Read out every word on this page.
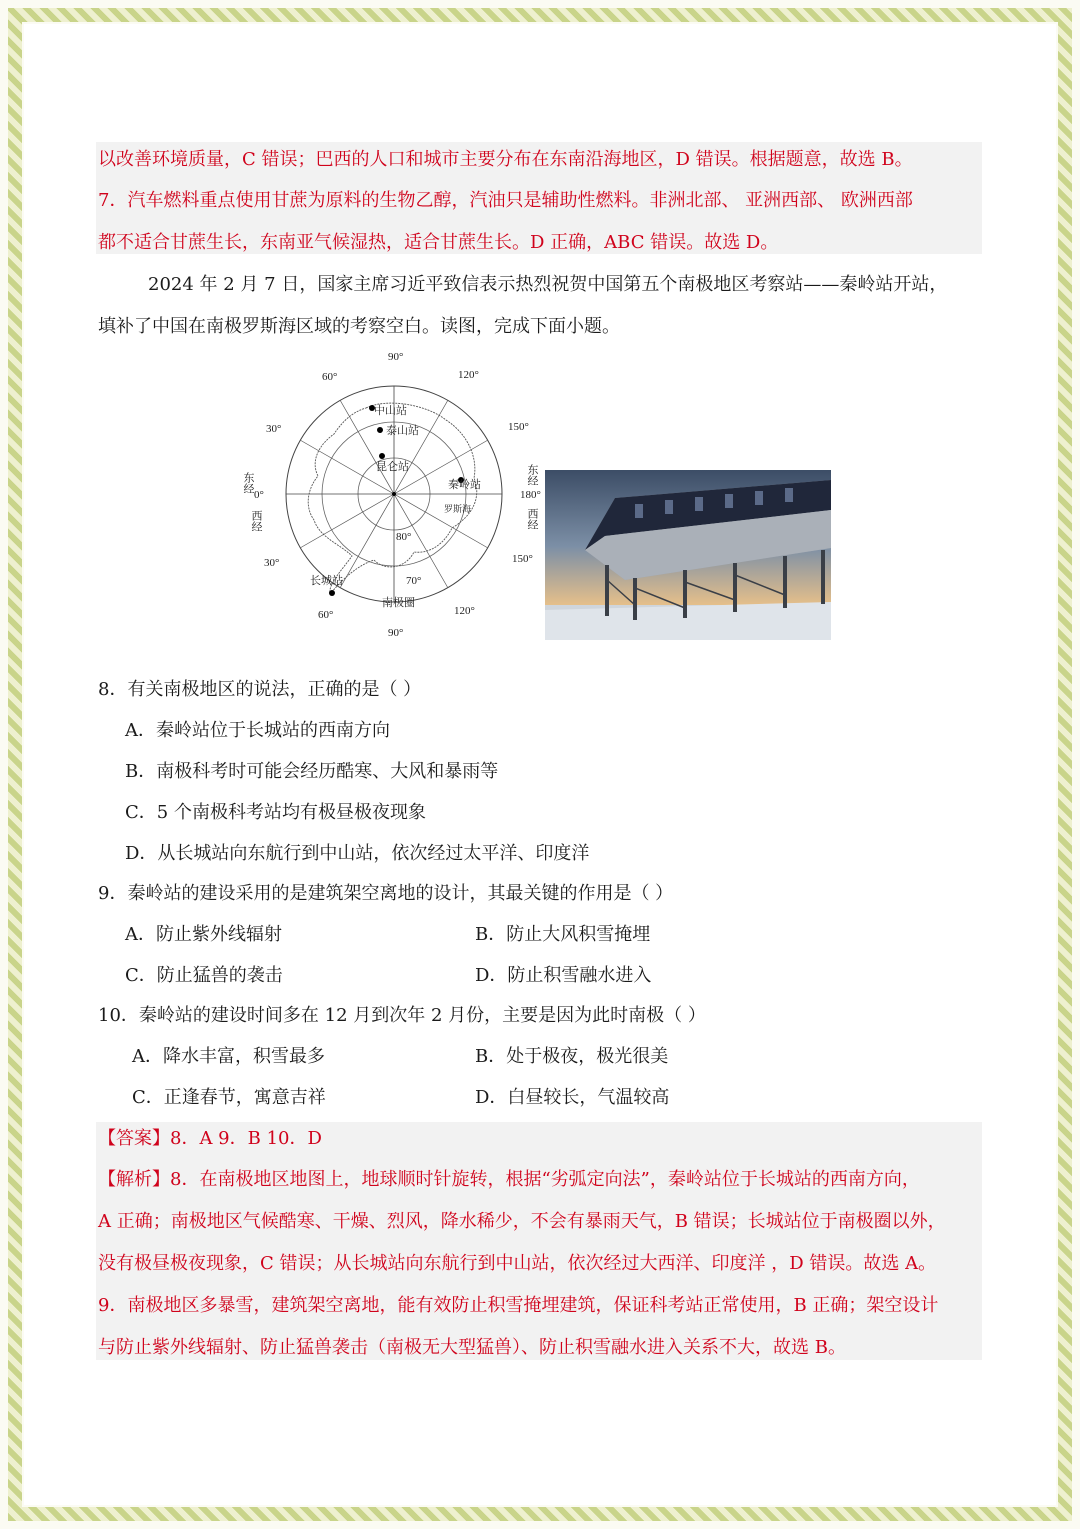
以改善环境质量，C 错误；巴西的人口和城市主要分布在东南沿海地区，D 错误。根据题意，故选 B。
7．汽车燃料重点使用甘蔗为原料的生物乙醇，汽油只是辅助性燃料。非洲北部、 亚洲西部、 欧洲西部
都不适合甘蔗生长，东南亚气候湿热，适合甘蔗生长。D 正确，ABC 错误。故选 D。
2024 年 2 月 7 日，国家主席习近平致信表示热烈祝贺中国第五个南极地区考察站——秦岭站开站，
填补了中国在南极罗斯海区域的考察空白。读图，完成下面小题。
90°
60°	120°
30°	150°
0°	180°
30°	150°
60°	120°
90°
80°
70°
东经	东经
西经	西经
中山站
泰山站
昆仑站
秦岭站
长城站
罗斯海
南极圈
8．有关南极地区的说法，正确的是（ ）
A．秦岭站位于长城站的西南方向
B．南极科考时可能会经历酷寒、大风和暴雨等
C．5 个南极科考站均有极昼极夜现象
D．从长城站向东航行到中山站，依次经过太平洋、印度洋
9．秦岭站的建设采用的是建筑架空离地的设计，其最关键的作用是（ ）
A．防止紫外线辐射	B．防止大风积雪掩埋
C．防止猛兽的袭击	D．防止积雪融水进入
10．秦岭站的建设时间多在 12 月到次年 2 月份，主要是因为此时南极（ ）
A．降水丰富，积雪最多	B．处于极夜，极光很美
C．正逢春节，寓意吉祥	D．白昼较长，气温较高
【答案】8．A 9．B 10．D
【解析】8．在南极地区地图上，地球顺时针旋转，根据“劣弧定向法”，秦岭站位于长城站的西南方向，
A 正确；南极地区气候酷寒、干燥、烈风，降水稀少，不会有暴雨天气，B 错误；长城站位于南极圈以外，
没有极昼极夜现象，C 错误；从长城站向东航行到中山站，依次经过大西洋、印度洋 ，D 错误。故选 A。
9．南极地区多暴雪，建筑架空离地，能有效防止积雪掩埋建筑，保证科考站正常使用，B 正确；架空设计
与防止紫外线辐射、防止猛兽袭击（南极无大型猛兽）、防止积雪融水进入关系不大，故选 B。
